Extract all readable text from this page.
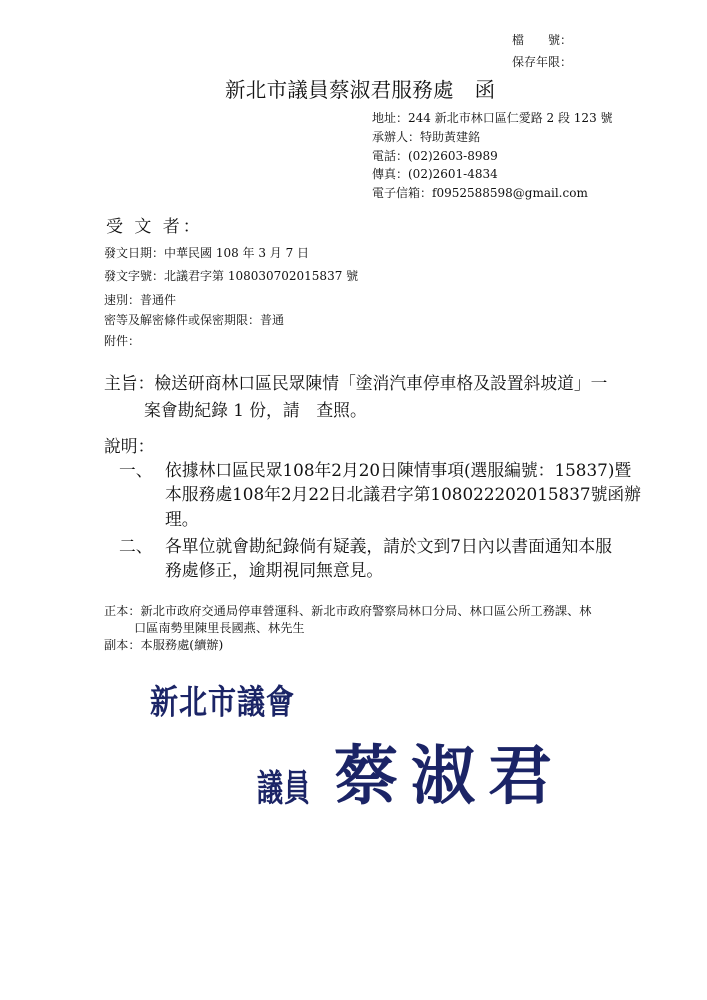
檔　　號：
保存年限：
新北市議員蔡淑君服務處　函
地址：244 新北市林口區仁愛路 2 段 123 號
承辦人：特助黃建銘
電話：(02)2603-8989
傳真：(02)2601-4834
電子信箱：f0952588598@gmail.com
受 文 者：
發文日期：中華民國 108 年 3 月 7 日
發文字號：北議君字第 108030702015837 號
速別：普通件
密等及解密條件或保密期限：普通
附件：
主旨：檢送研商林口區民眾陳情「塗消汽車停車格及設置斜坡道」一
案會勘紀錄 1 份，請　查照。
說明：
一、 依據林口區民眾108年2月20日陳情事項(選服編號：15837)暨
本服務處108年2月22日北議君字第108022202015837號函辦
理。
二、 各單位就會勘紀錄倘有疑義，請於文到7日內以書面通知本服
務處修正，逾期視同無意見。
正本：新北市政府交通局停車營運科、新北市政府警察局林口分局、林口區公所工務課、林
口區南勢里陳里長國燕、林先生
副本：本服務處(續辦)
新北市議會
議員 蔡淑君
